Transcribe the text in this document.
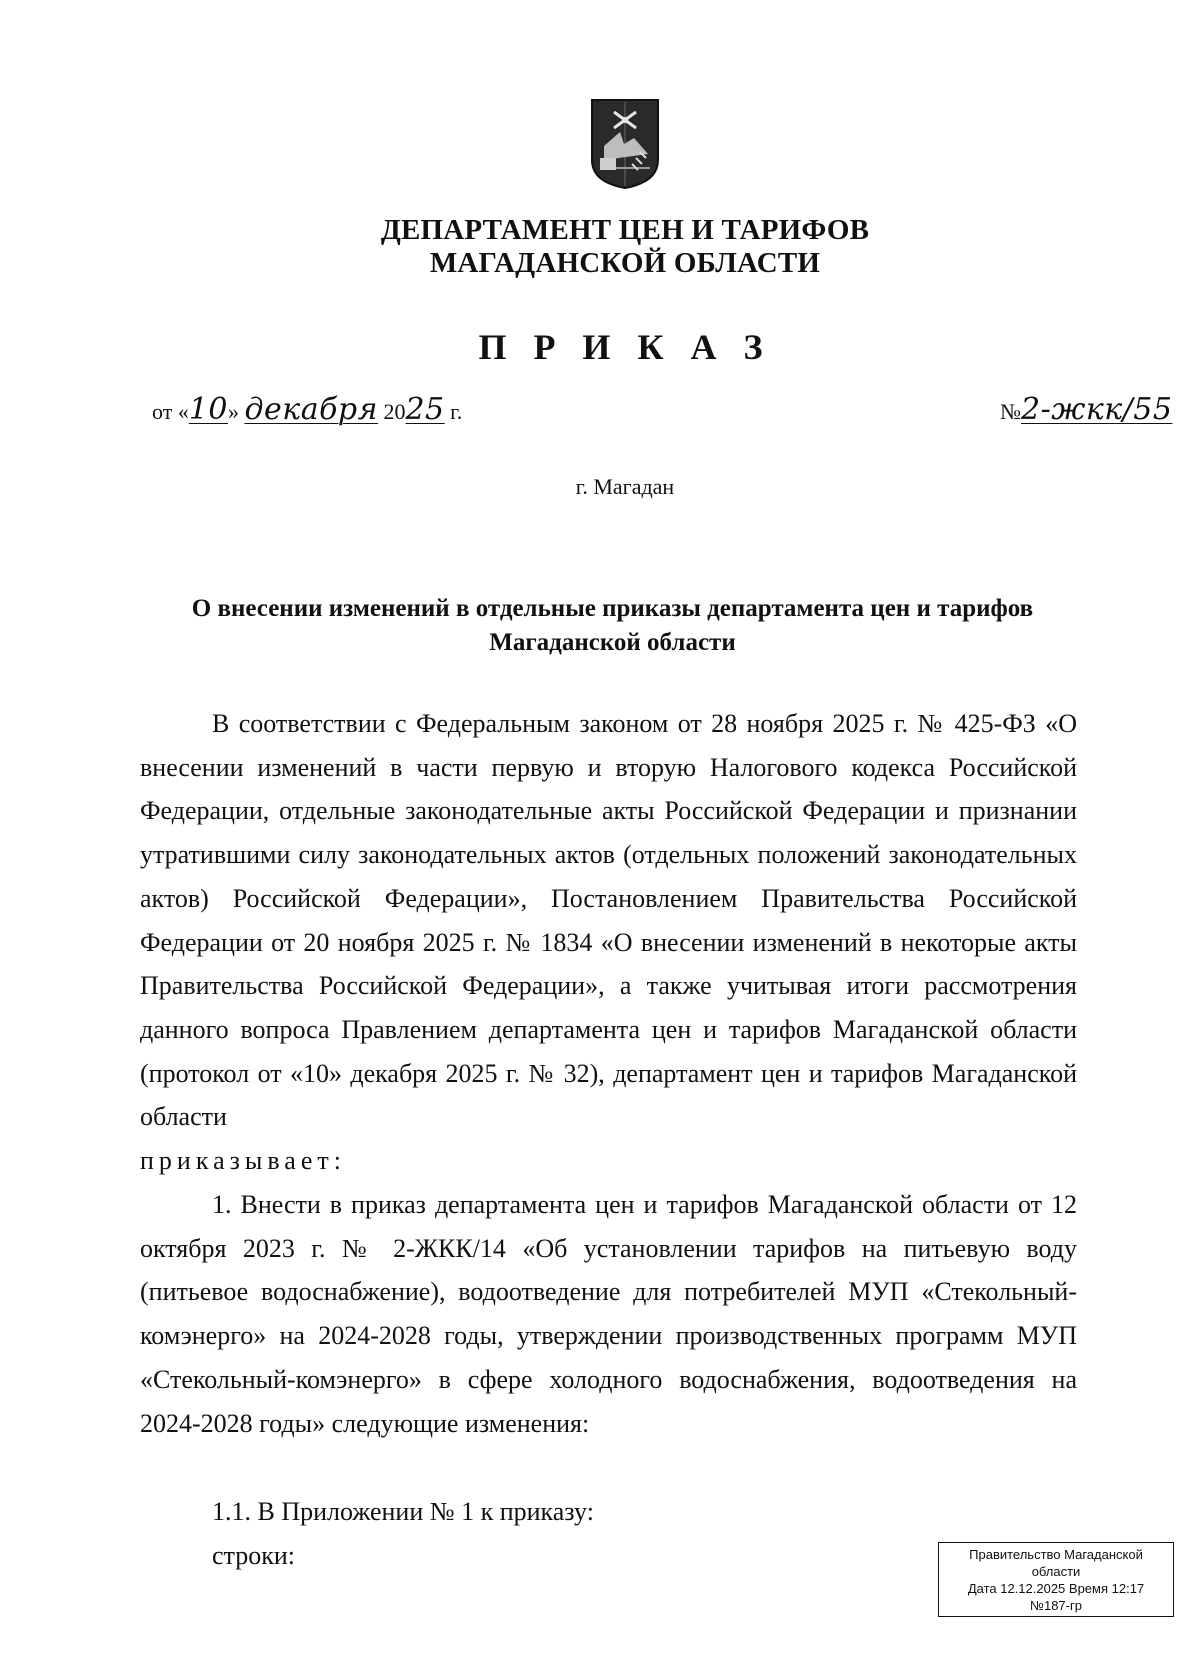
ДЕПАРТАМЕНТ ЦЕН И ТАРИФОВ
МАГАДАНСКОЙ ОБЛАСТИ
П Р И К А З
от «10» декабря 2025 г.	№2-жкк/55
г. Магадан
О внесении изменений в отдельные приказы департамента цен и тарифов Магаданской области
В соответствии с Федеральным законом от 28 ноября 2025 г. № 425-ФЗ «О внесении изменений в части первую и вторую Налогового кодекса Российской Федерации, отдельные законодательные акты Российской Федерации и признании утратившими силу законодательных актов (отдельных положений законодательных актов) Российской Федерации», Постановлением Правительства Российской Федерации от 20 ноября 2025 г. № 1834 «О внесении изменений в некоторые акты Правительства Российской Федерации», а также учитывая итоги рассмотрения данного вопроса Правлением департамента цен и тарифов Магаданской области (протокол от «10» декабря 2025 г. № 32), департамент цен и тарифов Магаданской области
приказывает:
1. Внести в приказ департамента цен и тарифов Магаданской области от 12 октября 2023 г. № 2-ЖКК/14 «Об установлении тарифов на питьевую воду (питьевое водоснабжение), водоотведение для потребителей МУП «Стекольный-комэнерго» на 2024-2028 годы, утверждении производственных программ МУП «Стекольный-комэнерго» в сфере холодного водоснабжения, водоотведения на 2024-2028 годы» следующие изменения:
1.1. В Приложении № 1 к приказу:
строки:	Правительство Магаданской
области
Дата 12.12.2025 Время 12:17
№187-гр
